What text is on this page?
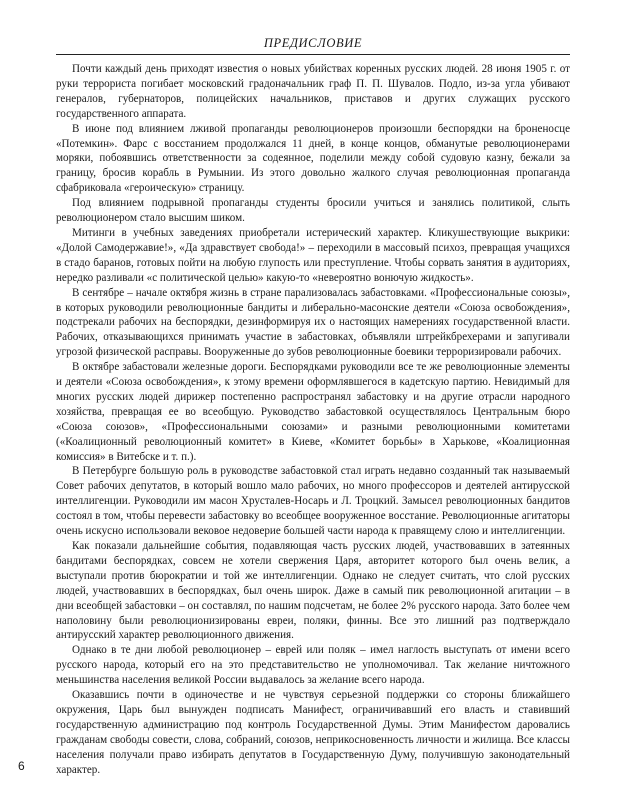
ПРЕДИСЛОВИЕ

Почти каждый день приходят известия о новых убийствах коренных русских людей. 28 июня 1905 г. от руки террориста погибает московский градоначальник граф П. П. Шувалов. Подло, из-за угла убивают генералов, губернаторов, полицейских начальников, приставов и других служащих русского государственного аппарата.

В июне под влиянием лживой пропаганды революционеров произошли беспорядки на броненосце «Потемкин». Фарс с восстанием продолжался 11 дней, в конце концов, обманутые революционерами моряки, побоявшись ответственности за содеянное, поделили между собой судовую казну, бежали за границу, бросив корабль в Румынии. Из этого довольно жалкого случая революционная пропаганда сфабриковала «героическую» страницу.

Под влиянием подрывной пропаганды студенты бросили учиться и занялись политикой, слыть революционером стало высшим шиком.

Митинги в учебных заведениях приобретали истерический характер. Кликушествующие выкрики: «Долой Самодержавие!», «Да здравствует свобода!» – переходили в массовый психоз, превращая учащихся в стадо баранов, готовых пойти на любую глупость или преступление. Чтобы сорвать занятия в аудиториях, нередко разливали «с политической целью» какую-то «невероятно вонючую жидкость».

В сентябре – начале октября жизнь в стране парализовалась забастовками. «Профессиональные союзы», в которых руководили революционные бандиты и либерально-масонские деятели «Союза освобождения», подстрекали рабочих на беспорядки, дезинформируя их о настоящих намерениях государственной власти. Рабочих, отказывающихся принимать участие в забастовках, объявляли штрейкбрехерами и запугивали угрозой физической расправы. Вооруженные до зубов революционные боевики терроризировали рабочих.

В октябре забастовали железные дороги. Беспорядками руководили все те же революционные элементы и деятели «Союза освобождения», к этому времени оформлявшегося в кадетскую партию. Невидимый для многих русских людей дирижер постепенно распространял забастовку и на другие отрасли народного хозяйства, превращая ее во всеобщую. Руководство забастовкой осуществлялось Центральным бюро «Союза союзов», «Профессиональными союзами» и разными революционными комитетами («Коалиционный революционный комитет» в Киеве, «Комитет борьбы» в Харькове, «Коалиционная комиссия» в Витебске и т. п.).

В Петербурге большую роль в руководстве забастовкой стал играть недавно созданный так называемый Совет рабочих депутатов, в который вошло мало рабочих, но много профессоров и деятелей антирусской интеллигенции. Руководили им масон Хрусталев-Носарь и Л. Троцкий. Замысел революционных бандитов состоял в том, чтобы перевести забастовку во всеобщее вооруженное восстание. Революционные агитаторы очень искусно использовали вековое недоверие большей части народа к правящему слою и интеллигенции.

Как показали дальнейшие события, подавляющая часть русских людей, участвовавших в затеянных бандитами беспорядках, совсем не хотели свержения Царя, авторитет которого был очень велик, а выступали против бюрократии и той же интеллигенции. Однако не следует считать, что слой русских людей, участвовавших в беспорядках, был очень широк. Даже в самый пик революционной агитации – в дни всеобщей забастовки – он составлял, по нашим подсчетам, не более 2% русского народа. Зато более чем наполовину были революционизированы евреи, поляки, финны. Все это лишний раз подтверждало антирусский характер революционного движения.

Однако в те дни любой революционер – еврей или поляк – имел наглость выступать от имени всего русского народа, который его на это представительство не уполномочивал. Так желание ничтожного меньшинства населения великой России выдавалось за желание всего народа.

Оказавшись почти в одиночестве и не чувствуя серьезной поддержки со стороны ближайшего окружения, Царь был вынужден подписать Манифест, ограничивавший его власть и ставивший государственную администрацию под контроль Государственной Думы. Этим Манифестом даровались гражданам свободы совести, слова, собраний, союзов, неприкосновенность личности и жилища. Все классы населения получали право избирать депутатов в Государственную Думу, получившую законодательный характер.

6
